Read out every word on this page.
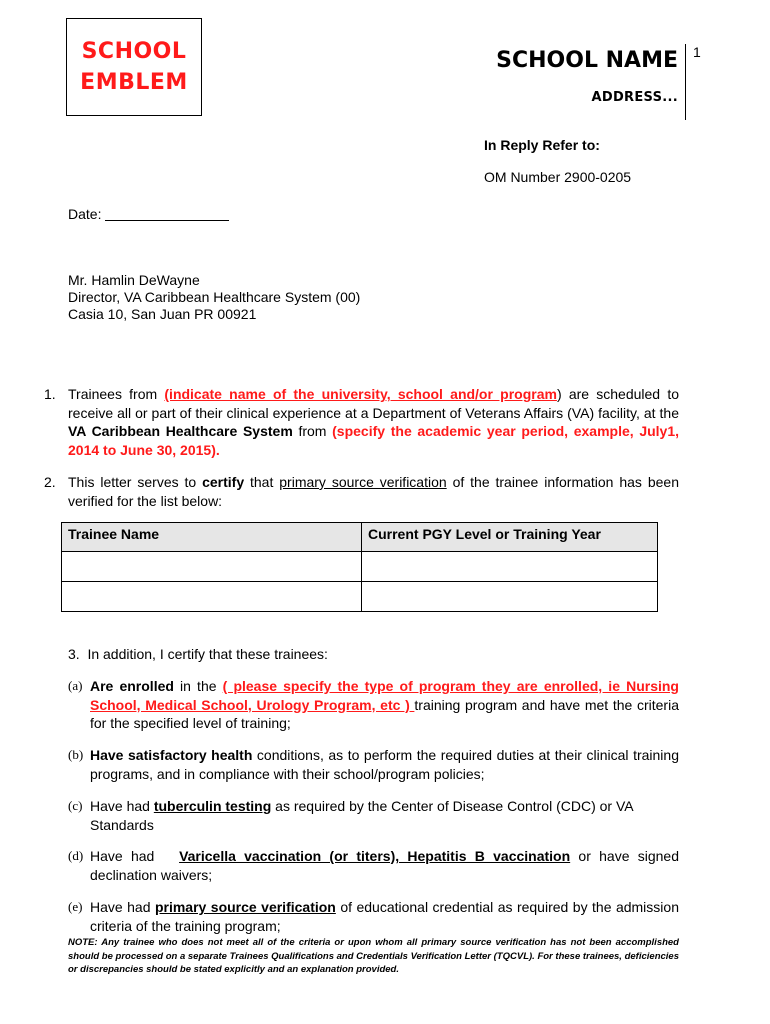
SCHOOL
EMBLEM
SCHOOL NAME 1
ADDRESS...
In Reply Refer to:
OM Number 2900-0205
Date:
Mr. Hamlin DeWayne
Director, VA Caribbean Healthcare System (00)
Casia 10, San Juan PR 00921
1. Trainees from (indicate name of the university, school and/or program) are scheduled to receive all or part of their clinical experience at a Department of Veterans Affairs (VA) facility, at the VA Caribbean Healthcare System from (specify the academic year period, example, July1, 2014 to June 30, 2015).
2. This letter serves to certify that primary source verification of the trainee information has been verified for the list below:
Trainee Name	Current PGY Level or Training Year

3.  In addition, I certify that these trainees:
(a) Are enrolled in the ( please specify the type of program they are enrolled, ie Nursing School, Medical School, Urology Program, etc ) training program and have met the criteria for the specified level of training;
(b) Have satisfactory health conditions, as to perform the required duties at their clinical training programs, and in compliance with their school/program policies;
(c) Have had tuberculin testing as required by the Center of Disease Control (CDC) or VA Standards
(d) Have had   Varicella vaccination (or titers), Hepatitis B vaccination or have signed declination waivers;
(e) Have had primary source verification of educational credential as required by the admission criteria of the training program;
NOTE: Any trainee who does not meet all of the criteria or upon whom all primary source verification has not been accomplished should be processed on a separate Trainees Qualifications and Credentials Verification Letter (TQCVL). For these trainees, deficiencies or discrepancies should be stated explicitly and an explanation provided.
